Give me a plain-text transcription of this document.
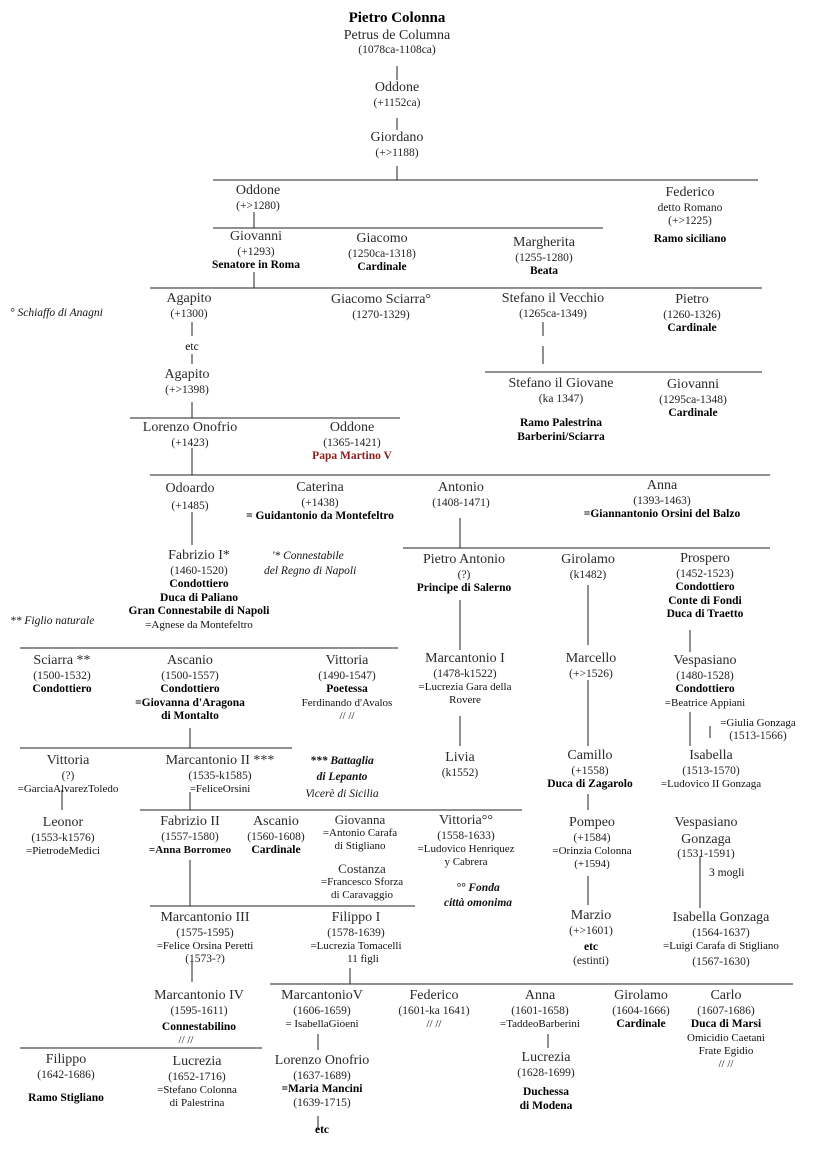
° Schiaffo di Anagni
etc
'* Connestabile
del Regno di Napoli
** Figlio naturale
*** Battaglia
di Lepanto
Vicerè di Sicilia
°° Fonda
città omonima
3 mogli
// //
Pietro Colonna
Petrus de Columna
(1078ca-1108ca)
Oddone
(+1152ca)
Giordano
(+>1188)
Oddone
(+>1280)
Federico
detto Romano
(+>1225)
Ramo siciliano
Giovanni
(+1293)
Senatore in Roma
Giacomo
(1250ca-1318)
Cardinale
Margherita
(1255-1280)
Beata
Agapito
(+1300)
Giacomo Sciarra°
(1270-1329)
Stefano il Vecchio
(1265ca-1349)
Pietro
(1260-1326)
Cardinale
Agapito
(+>1398)	Stefano il Giovane
(ka 1347)
Ramo Palestrina
Barberini/Sciarra
Giovanni
(1295ca-1348)
Cardinale
Lorenzo Onofrio
(+1423)
Oddone
(1365-1421)
Papa Martino V
Odoardo
(+1485)
Caterina
(+1438)
= Guidantonio da Montefeltro
Antonio
(1408-1471)
Anna
(1393-1463)
=Giannantonio Orsini del Balzo
Fabrizio I*
(1460-1520)
Condottiero
Duca di Paliano
Gran Connestabile di Napoli
=Agnese da Montefeltro
Pietro Antonio
(?)
Principe di Salerno
Girolamo
(k1482)
Prospero
(1452-1523)
Condottiero
Conte di Fondi
Duca di Traetto
Sciarra **
(1500-1532)
Condottiero
Ascanio
(1500-1557)
Condottiero
=Giovanna d'Aragona
di Montalto
Vittoria
(1490-1547)
Poetessa
Ferdinando d'Avalos
// //
Marcantonio I
(1478-k1522)
=Lucrezia Gara della
Rovere
Marcello
(+>1526)
Vespasiano
(1480-1528)
Condottiero
=Beatrice Appiani
=Giulia Gonzaga
(1513-1566)
Vittoria
(?)
=GarciaAlvarezToledo
Marcantonio II ***
(1535-k1585)
=FeliceOrsini
Livia
(k1552)
Camillo
(+1558)
Duca di Zagarolo
Isabella
(1513-1570)
=Ludovico II Gonzaga
Leonor
(1553-k1576)
=PietrodeMedici
Fabrizio II
(1557-1580)
=Anna Borromeo
Ascanio
(1560-1608)
Cardinale
Giovanna
=Antonio Carafa
di Stigliano
Costanza
=Francesco Sforza
di Caravaggio
Vittoria°°
(1558-1633)
=Ludovico Henriquez
y Cabrera
Pompeo
(+1584)
=Orinzia Colonna
(+1594)
Vespasiano
Gonzaga
(1531-1591)
Marcantonio III
(1575-1595)
=Felice Orsina Peretti
(1573-?)
Filippo I
(1578-1639)
=Lucrezia Tomacelli
11 figli
Marzio
(+>1601)
etc
(estinti)
Isabella Gonzaga
(1564-1637)
=Luigi Carafa di Stigliano
(1567-1630)
Marcantonio IV
(1595-1611)
Connestabilino
MarcantonioV
(1606-1659)
= IsabellaGioeni
Federico
(1601-ka 1641)
// //
Anna
(1601-1658)
=TaddeoBarberini
Girolamo
(1604-1666)
Cardinale
Carlo
(1607-1686)
Duca di Marsi
Omicidio Caetani
Frate Egidio
// //
Filippo
(1642-1686)
Ramo Stigliano
Lucrezia
(1652-1716)
=Stefano Colonna
di Palestrina
Lorenzo Onofrio
(1637-1689)
=Maria Mancini
(1639-1715)
etc
Lucrezia
(1628-1699)
Duchessa
di Modena
